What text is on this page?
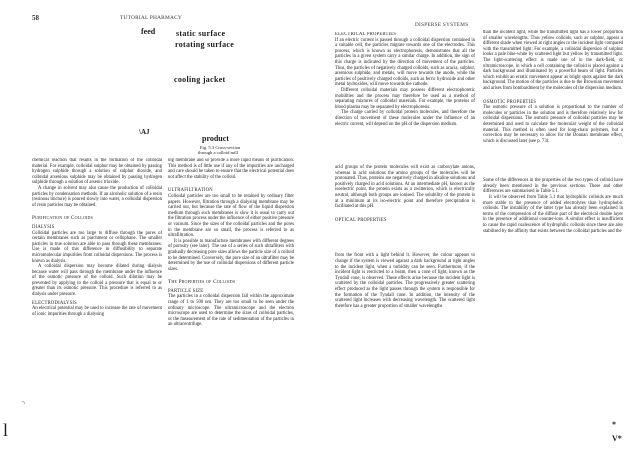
58	TUTORIAL PHARMACY
feed	static surface
rotating surface
cooling jacket
product
\AJ
Fig. 5.3 Cross-section
through a colloid mill

chemical reaction that results in the formation of the colloidal material. For example, colloidal sulphur may be obtained by passing hydrogen sulphide through a solution of sulphur dioxide, and colloidal arsenious sulphide may be obtained by passing hydrogen sulphide through a solution of arsenic trioxide.

A change in solvent may also cause the production of colloidal particles by condensation methods. If an alcoholic solution of a resin (resinous tincture) is poured slowly into water, a colloidal dispersion of resin particles may be obtained.

Purification of Colloids

DIALYSIS

Colloidal particles are too large to diffuse through the pores of certain membranes such as parchment or cellophane. The smaller particles in true solution are able to pass through these membranes. Use is made of this difference in diffusibility to separate micromolecular impurities from colloidal dispersions. The process is known as dialysis.

A colloidal dispersion may become dilated during dialysis because water will pass through the membrane under the influence of the osmotic pressure of the colloid. Such dilution may be prevented by applying to the colloid a pressure that is equal to or greater than its osmotic pressure. This procedure is referred to as dialysis under pressure.

ELECTRODIALYSIS

An electrical potential may be used to increase the rate of movement of ionic impurities through a dialysing

ing membrane and so provide a more rapid means of purification. This method is of little use if any of the impurities are uncharged and care should be taken to ensure that the electrical potential does not affect the stability of the colloid.

ULTRAFILTRATION

Colloidal particles are too small to be retained by ordinary filter papers. However, filtration through a dialysing membrane may be carried out, but because the rate of flow of the liquid dispersion medium through such membranes is slow it is usual to carry out the filtration process under the influence of either positive pressure or vacuum. Since the sizes of the colloidal particles and the pores in the membrane are so small, the process is referred to as ultrafiltration.

It is possible to manufacture membranes with different degrees of porosity (see later). The use of a series of such ultrafilters with gradually decreasing pore sizes allows the particle size of a colloid to be determined. Conversely, the pore size of an ultrafilter may be determined by the use of colloidal dispersions of different particle sizes.

The Properties of Colloids

PARTICLE SIZE

The particles in a colloidal dispersion fall within the approximate range of 1 to 500 nm. They are too small to be seen under the ordinary microscope. The ultramicroscope and the electron microscope are used to determine the sizes of colloidal particles, or the measurement of the rate of sedimentation of the particles in an ultracentrifuge.

*i
l
DISPERSE SYSTEMS

ELECTRICAL PROPERTIES

If an electric current is passed through a colloidal dispersion contained in a suitable cell, the particles migrate towards one of the electrodes. This process, which is known as electrophoresis, demonstrates that all the particles in a given system carry a similar charge. In addition, the sign of this charge is indicated by the direction of movement of the particles. Thus, the particles of negatively charged colloids, such as acacia, sulphur, arsenious sulphide, and metals, will move towards the anode, while the particles of positively charged colloids, such as ferric hydroxide and other metal hydroxides, will move towards the cathode.

Different colloidal materials may possess different electrophoretic mobilities and the process may therefore be used as a method of separating mixtures of colloidal materials. For example, the proteins of blood plasma may be separated by electrophoresis.

The charge carried by colloidal protein molecules, and therefore the direction of movement of these molecules under the influence of an electric current, will depend on the pH of the dispersion medium.

acid groups of the protein molecules will exist as carboxylate anions, whereas in acid solutions the amino groups of the molecules will be protonated. Thus, proteins are negatively charged in alkaline solutions and positively charged in acid solutions. At an intermediate pH, known as the isoelectric point, the protein exists as a zwitterion, which is electrically neutral, although both groups are ionised. The solubility of the protein is at a minimum at its iso-electric point and therefore precipitation is facilitated at this pH.

OPTICAL PROPERTIES

from the front with a light behind it. However, the colour appears to change if the system is viewed against a dark background at right angles to the incident light, when a turbidity can be seen. Furthermore, if the incident light is restricted to a beam, then a cone of light, known as the Tyndall cone, is observed. These effects arise because the incident light is scattered by the colloidal particles. The progressively greater scattering effect produced as the light passes through the system is responsible for the formation of the Tyndall cone. In addition, the intensity of the scattered light increases with decreasing wavelength. The scattered light therefore has a greater proportion of smaller wavelengths

than the incident light, while the transmitted light has a lower proportion of smaller wavelengths. Thus yellow colloids, such as sulphur, appear a different shade when viewed at right angles to the incident light compared with the transmitted light. For example, a colloidal dispersion of sulphur looks a pale blue-white by scattered light but yellow by transmitted light. The light-scattering effect is made use of in the dark-field, or ultramicroscope, in which a cell containing the colloid is placed against a dark background and illuminated by a powerful beam of light. Particles which exhibit an erratic movement appear as bright spots against the dark background. The motion of the particles is due to the Brownian movement and arises from bombardment by the molecules of the dispersion medium.

OSMOTIC PROPERTIES

The osmotic pressure of a solution is proportional to the number of molecules or particles in the solution and is therefore relatively low for colloidal dispersions. The osmotic pressure of colloidal particles may be determined and used to calculate the molecular weight of the colloidal material. This method is often used for long-chain polymers, but a correction may be necessary to allow for the Donnan membrane effect, which is discussed later (see p. 73).

Some of the differences in the properties of the two types of colloid have already been mentioned in the previous sections. These and other differences are summarised in Table 5.1.

It will be observed from Table 5.1 that hydrophilic colloids are much more stable to the presence of added electrolytes than hydrophobic colloids. The instability of the latter type has already been explained in terms of the compression of the diffuse part of the electrical double layer in the presence of additional counter-ions. A similar effect is insufficient to cause the rapid coalescence of hydrophilic colloids since these are also stabilised by the affinity that exists between the colloidal particles and the

*
V*
